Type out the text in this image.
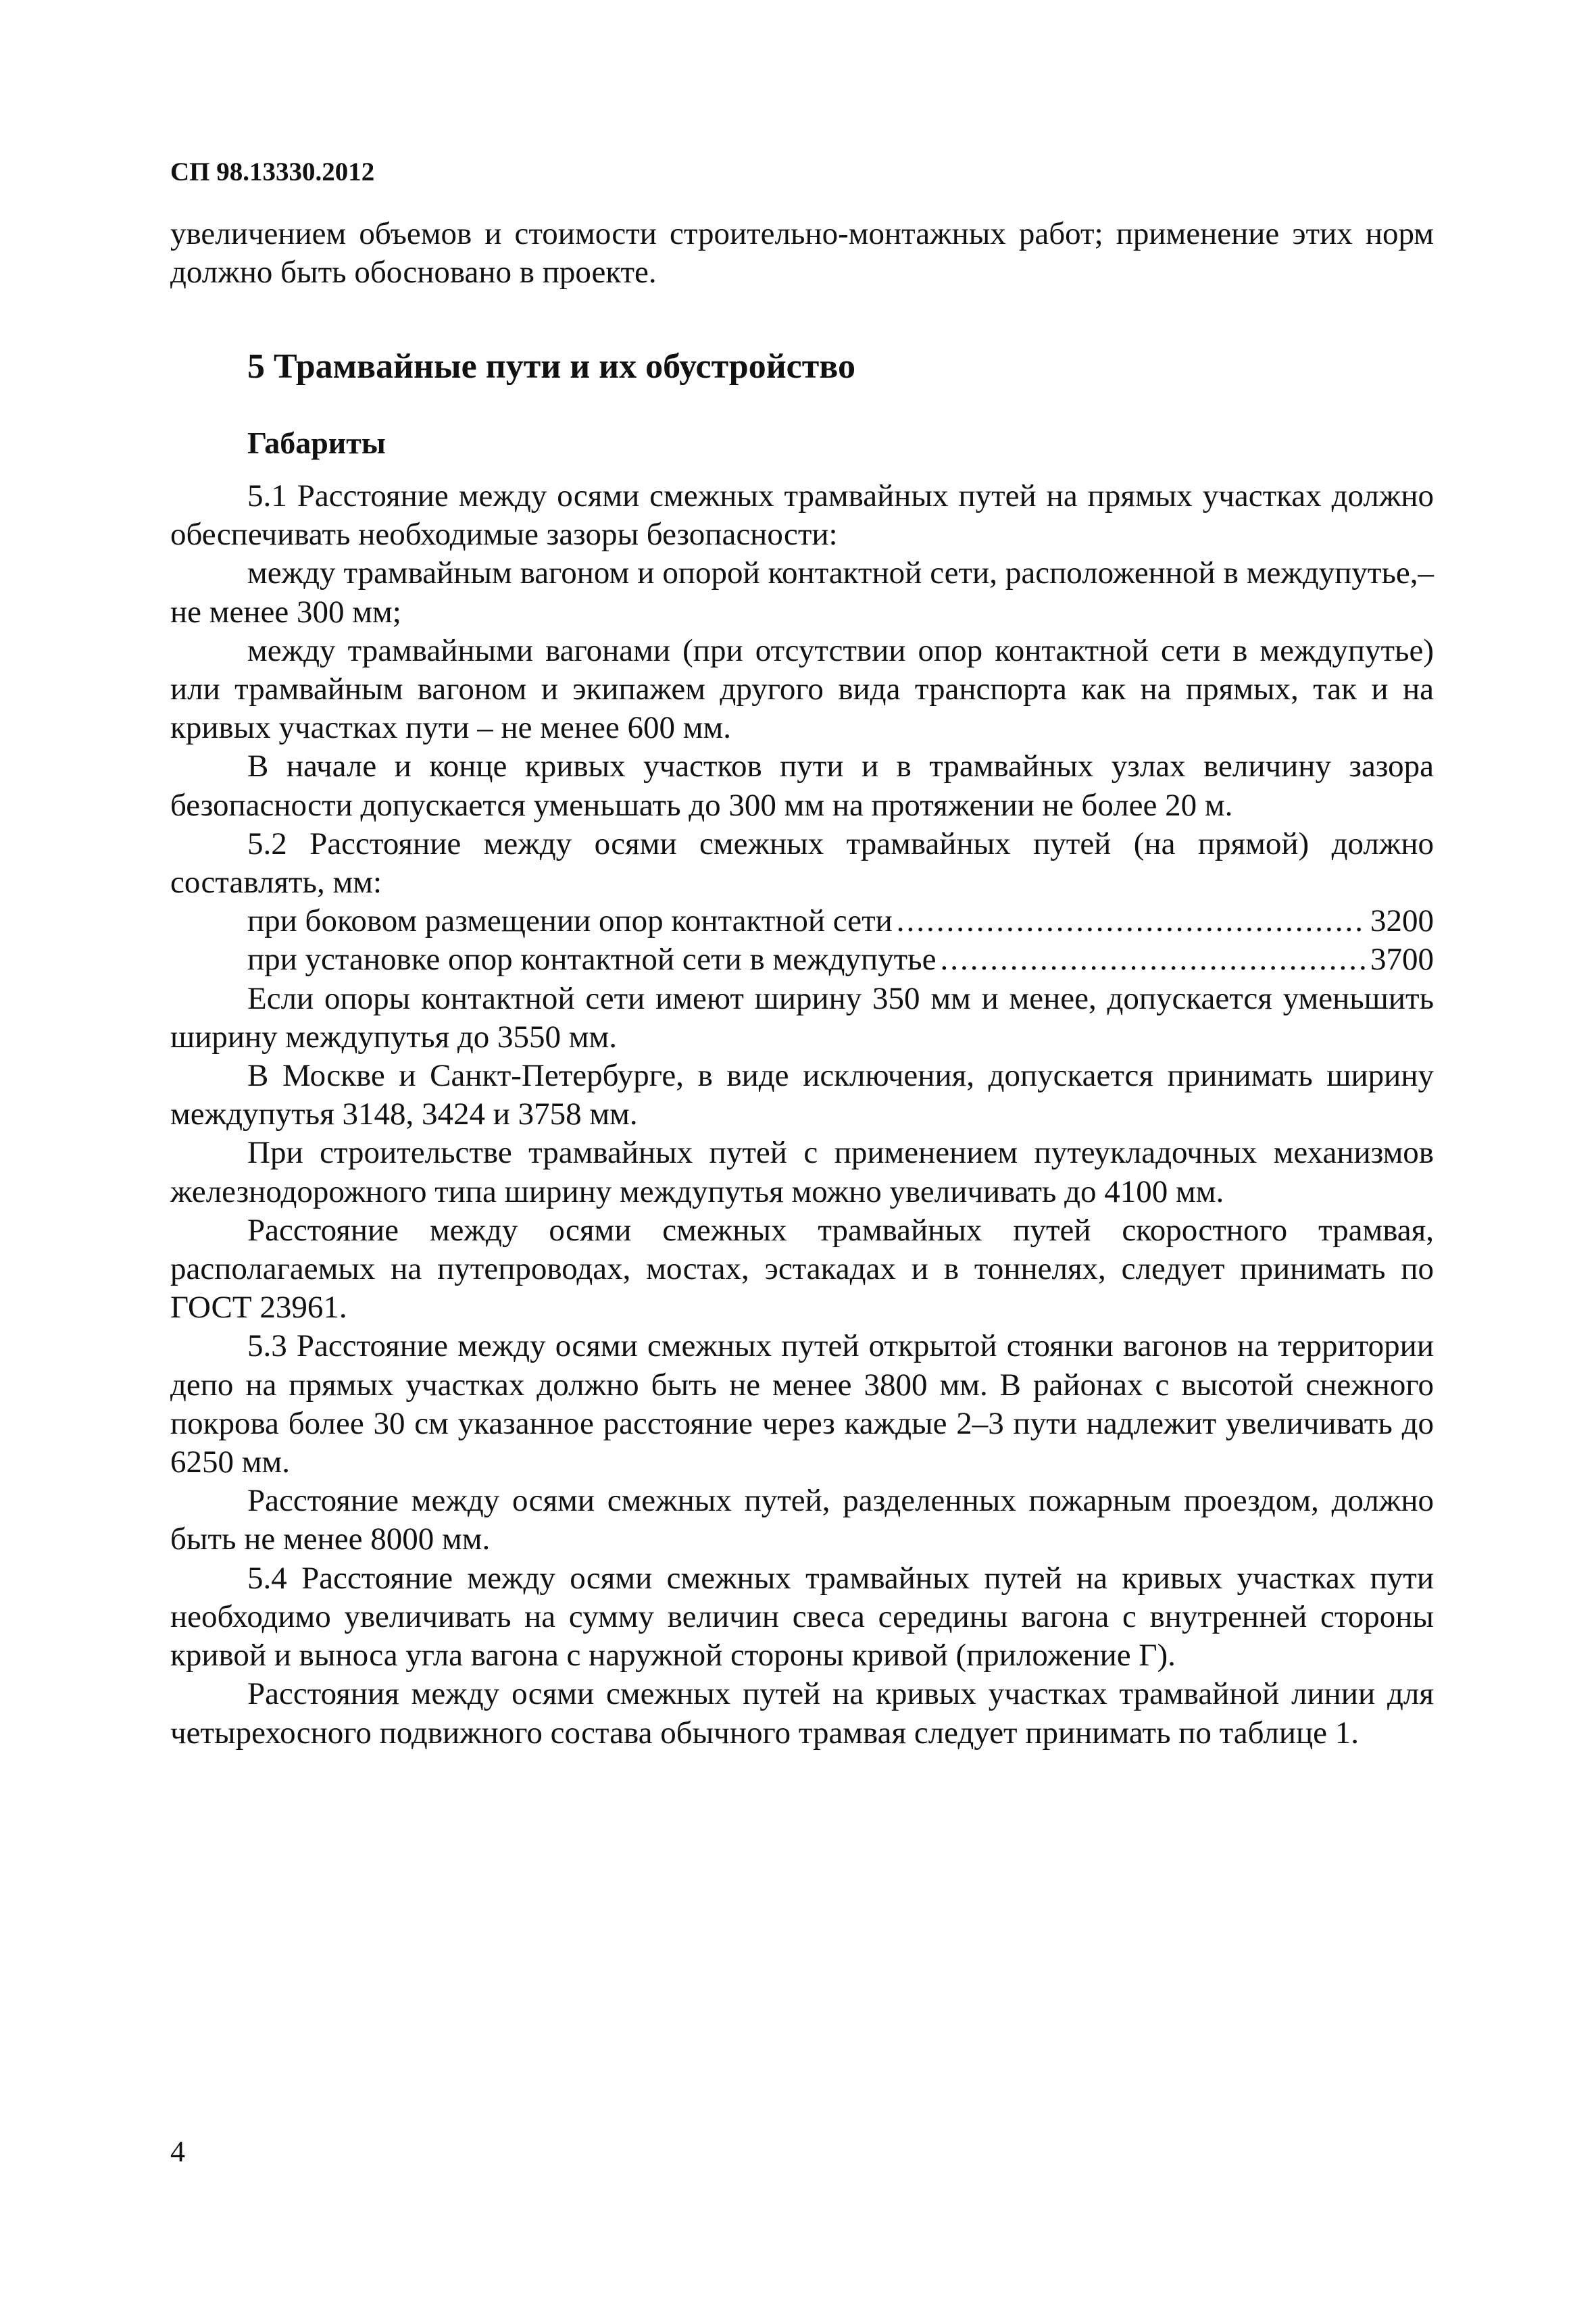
СП 98.13330.2012

увеличением объемов и стоимости строительно-монтажных работ; применение этих норм должно быть обосновано в проекте.

5 Трамвайные пути и их обустройство
Габариты

5.1 Расстояние между осями смежных трамвайных путей на прямых участках должно обеспечивать необходимые зазоры безопасности:

между трамвайным вагоном и опорой контактной сети, расположенной в междупутье,– не менее 300 мм;

между трамвайными вагонами (при отсутствии опор контактной сети в междупутье) или трамвайным вагоном и экипажем другого вида транспорта как на прямых, так и на кривых участках пути – не менее 600 мм.

В начале и конце кривых участков пути и в трамвайных узлах величину зазора безопасности допускается уменьшать до 300 мм на протяжении не более 20 м.

5.2 Расстояние между осями смежных трамвайных путей (на прямой) должно составлять, мм:

при боковом размещении опор контактной сети .....	3200
при установке опор контактной сети в междупутье .....	3700

Если опоры контактной сети имеют ширину 350 мм и менее, допускается уменьшить ширину междупутья до 3550 мм.

В Москве и Санкт-Петербурге, в виде исключения, допускается принимать ширину междупутья 3148, 3424 и 3758 мм.

При строительстве трамвайных путей с применением путеукладочных механизмов железнодорожного типа ширину междупутья можно увеличивать до 4100 мм.

Расстояние между осями смежных трамвайных путей скоростного трамвая, располагаемых на путепроводах, мостах, эстакадах и в тоннелях, следует принимать по ГОСТ 23961.

5.3 Расстояние между осями смежных путей открытой стоянки вагонов на территории депо на прямых участках должно быть не менее 3800 мм. В районах с высотой снежного покрова более 30 см указанное расстояние через каждые 2–3 пути надлежит увеличивать до 6250 мм.

Расстояние между осями смежных путей, разделенных пожарным проездом, должно быть не менее 8000 мм.

5.4 Расстояние между осями смежных трамвайных путей на кривых участках пути необходимо увеличивать на сумму величин свеса середины вагона с внутренней стороны кривой и выноса угла вагона с наружной стороны кривой (приложение Г).

Расстояния между осями смежных путей на кривых участках трамвайной линии для четырехосного подвижного состава обычного трамвая следует принимать по таблице 1.

4
